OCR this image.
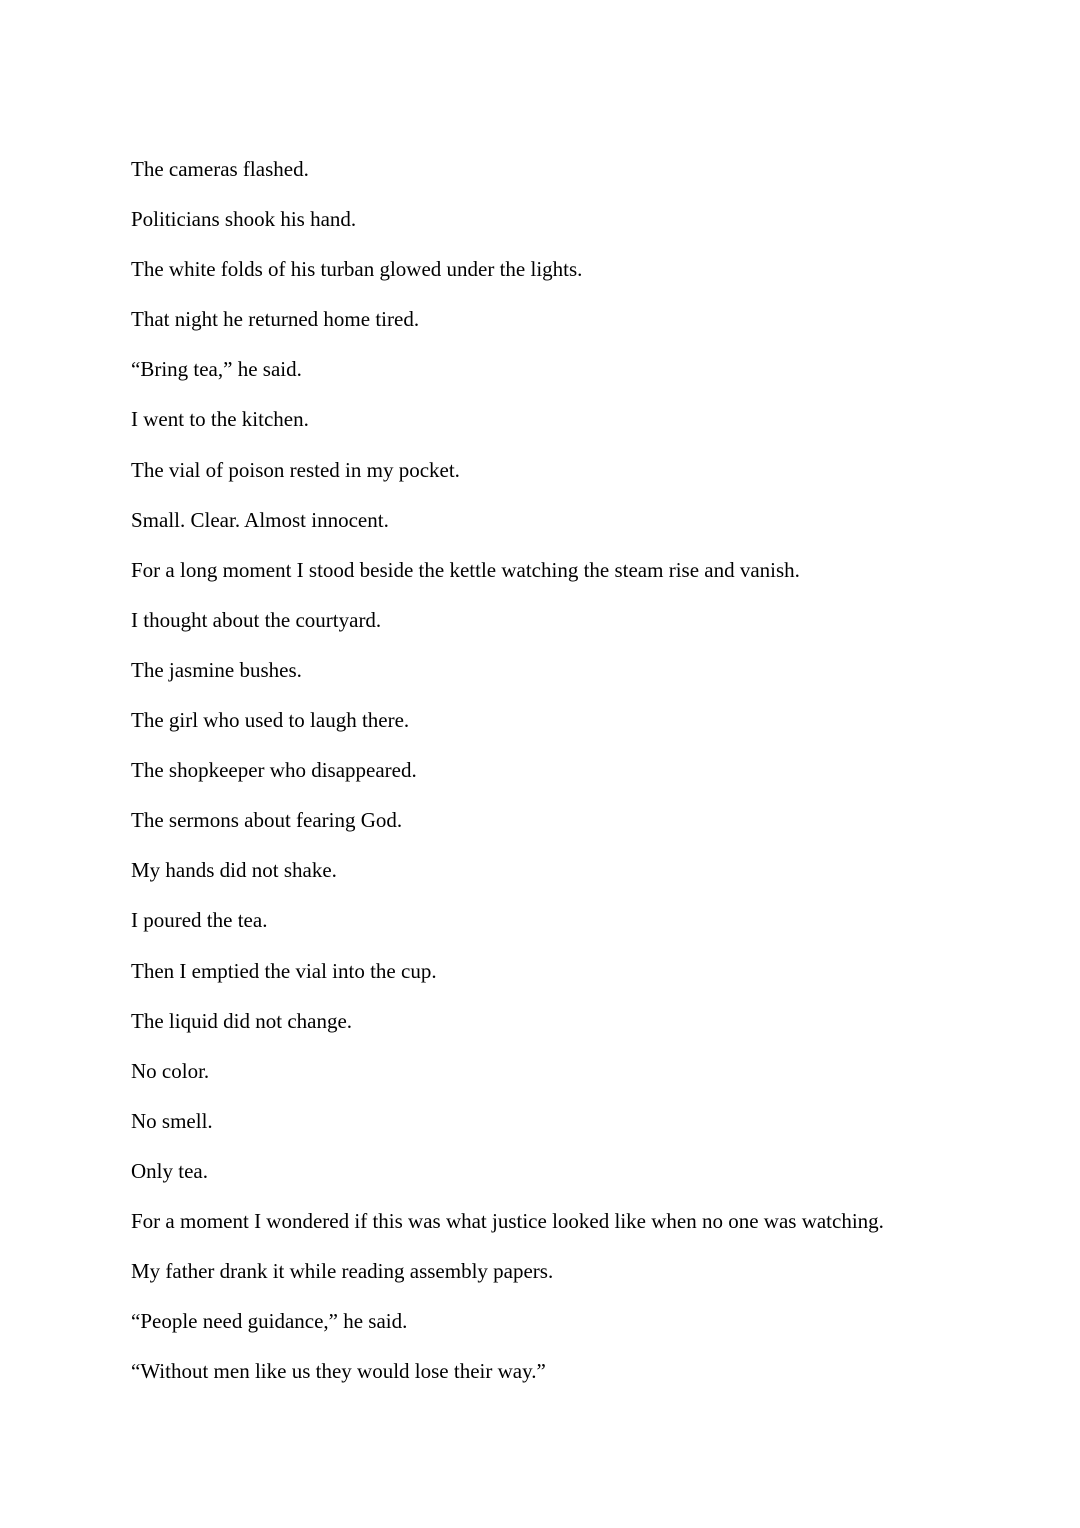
The cameras flashed.

Politicians shook his hand.

The white folds of his turban glowed under the lights.

That night he returned home tired.

“Bring tea,” he said.

I went to the kitchen.

The vial of poison rested in my pocket.

Small. Clear. Almost innocent.

For a long moment I stood beside the kettle watching the steam rise and vanish.

I thought about the courtyard.

The jasmine bushes.

The girl who used to laugh there.

The shopkeeper who disappeared.

The sermons about fearing God.

My hands did not shake.

I poured the tea.

Then I emptied the vial into the cup.

The liquid did not change.

No color.

No smell.

Only tea.

For a moment I wondered if this was what justice looked like when no one was watching.

My father drank it while reading assembly papers.

“People need guidance,” he said.

“Without men like us they would lose their way.”
